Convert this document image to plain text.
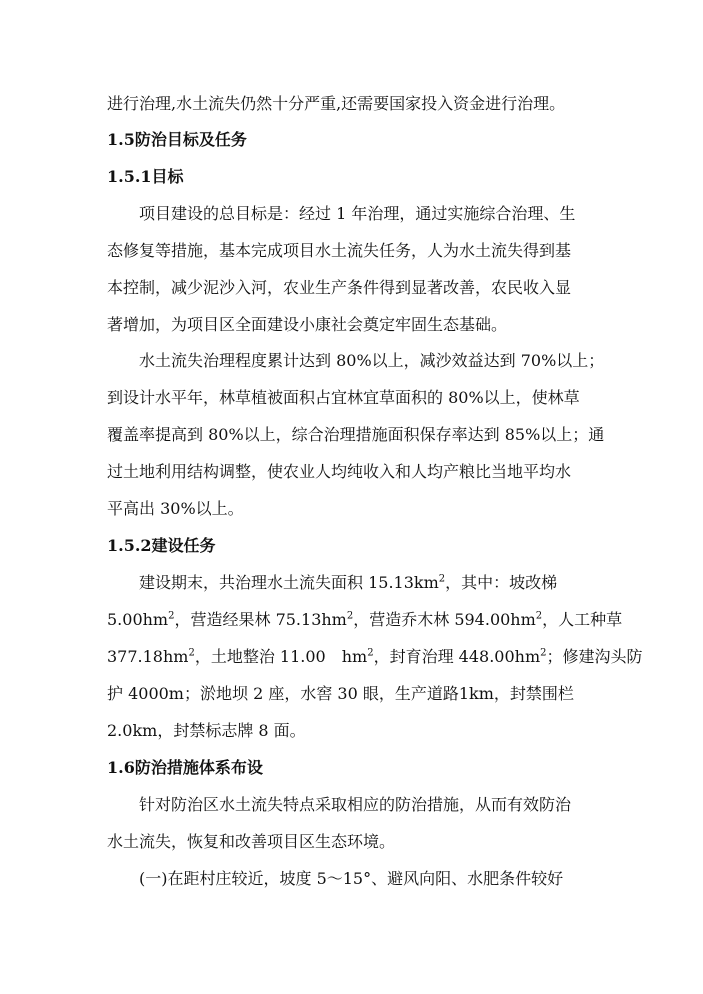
进行治理,水土流失仍然十分严重,还需要国家投入资金进行治理。
1.5防治目标及任务
1.5.1目标
项目建设的总目标是：经过 1 年治理，通过实施综合治理、生
态修复等措施，基本完成项目水土流失任务，人为水土流失得到基
本控制，减少泥沙入河，农业生产条件得到显著改善，农民收入显
著增加，为项目区全面建设小康社会奠定牢固生态基础。
水土流失治理程度累计达到 80%以上，减沙效益达到 70%以上；
到设计水平年，林草植被面积占宜林宜草面积的 80%以上，使林草
覆盖率提高到 80%以上，综合治理措施面积保存率达到 85%以上；通
过土地利用结构调整，使农业人均纯收入和人均产粮比当地平均水
平高出 30%以上。
1.5.2建设任务
建设期末，共治理水土流失面积 $15.13km^2$，其中：坡改梯
$5.00hm^2$，营造经果林 $75.13hm^2$，营造乔木林 $594.00hm^2$，人工种草
$377.18hm^2$，土地整治 11.00　$hm^2$，封育治理 $448.00hm^2$；修建沟头防
护 4000m；淤地坝 2 座，水窖 30 眼，生产道路1km，封禁围栏
2.0km，封禁标志牌 8 面。
1.6防治措施体系布设
针对防治区水土流失特点采取相应的防治措施，从而有效防治
水土流失，恢复和改善项目区生态环境。
(一)在距村庄较近，坡度 5～15°、避风向阳、水肥条件较好
